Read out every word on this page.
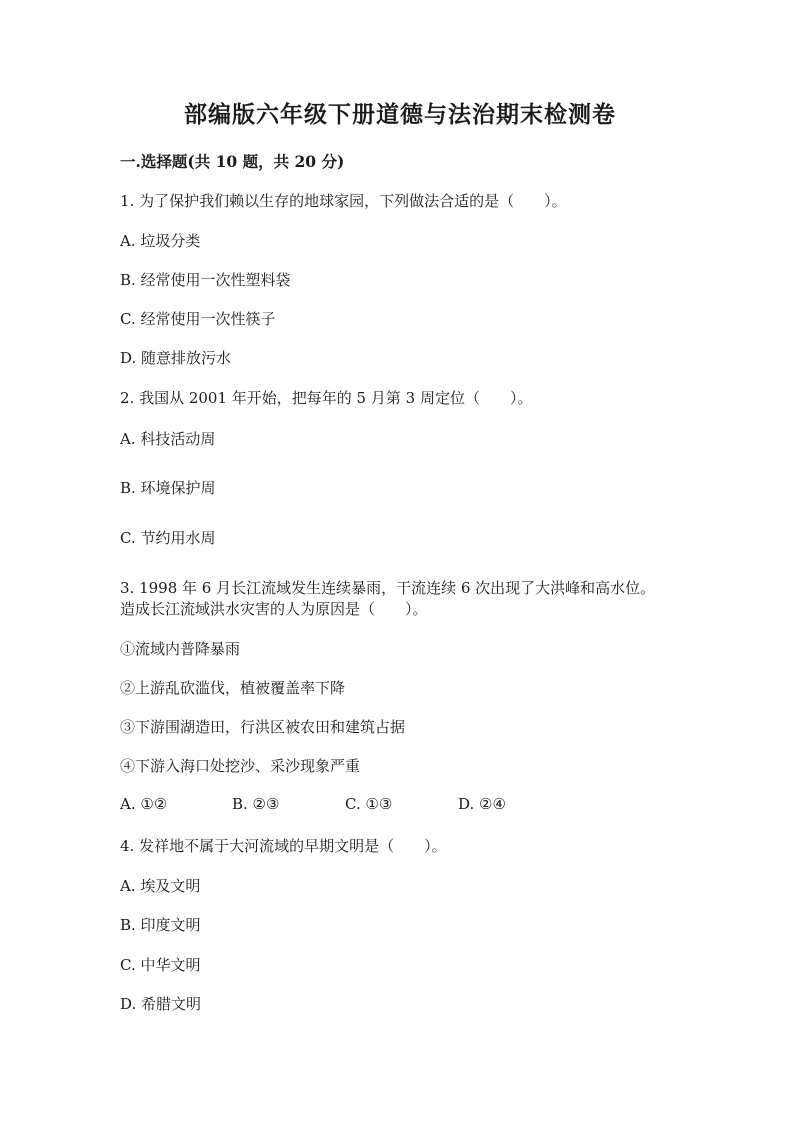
部编版六年级下册道德与法治期末检测卷
一.选择题(共 10 题，共 20 分)
1. 为了保护我们赖以生存的地球家园，下列做法合适的是（　　）。
A. 垃圾分类
B. 经常使用一次性塑料袋
C. 经常使用一次性筷子
D. 随意排放污水
2. 我国从 2001 年开始，把每年的 5 月第 3 周定位（　　）。
A. 科技活动周
B. 环境保护周
C. 节约用水周
3. 1998 年 6 月长江流域发生连续暴雨，干流连续 6 次出现了大洪峰和高水位。
造成长江流域洪水灾害的人为原因是（　　）。
①流域内普降暴雨
②上游乱砍滥伐，植被覆盖率下降
③下游围湖造田，行洪区被农田和建筑占据
④下游入海口处挖沙、采沙现象严重
A. ①②	B. ②③	C. ①③	D. ②④
4. 发祥地不属于大河流域的早期文明是（　　）。
A. 埃及文明
B. 印度文明
C. 中华文明
D. 希腊文明
